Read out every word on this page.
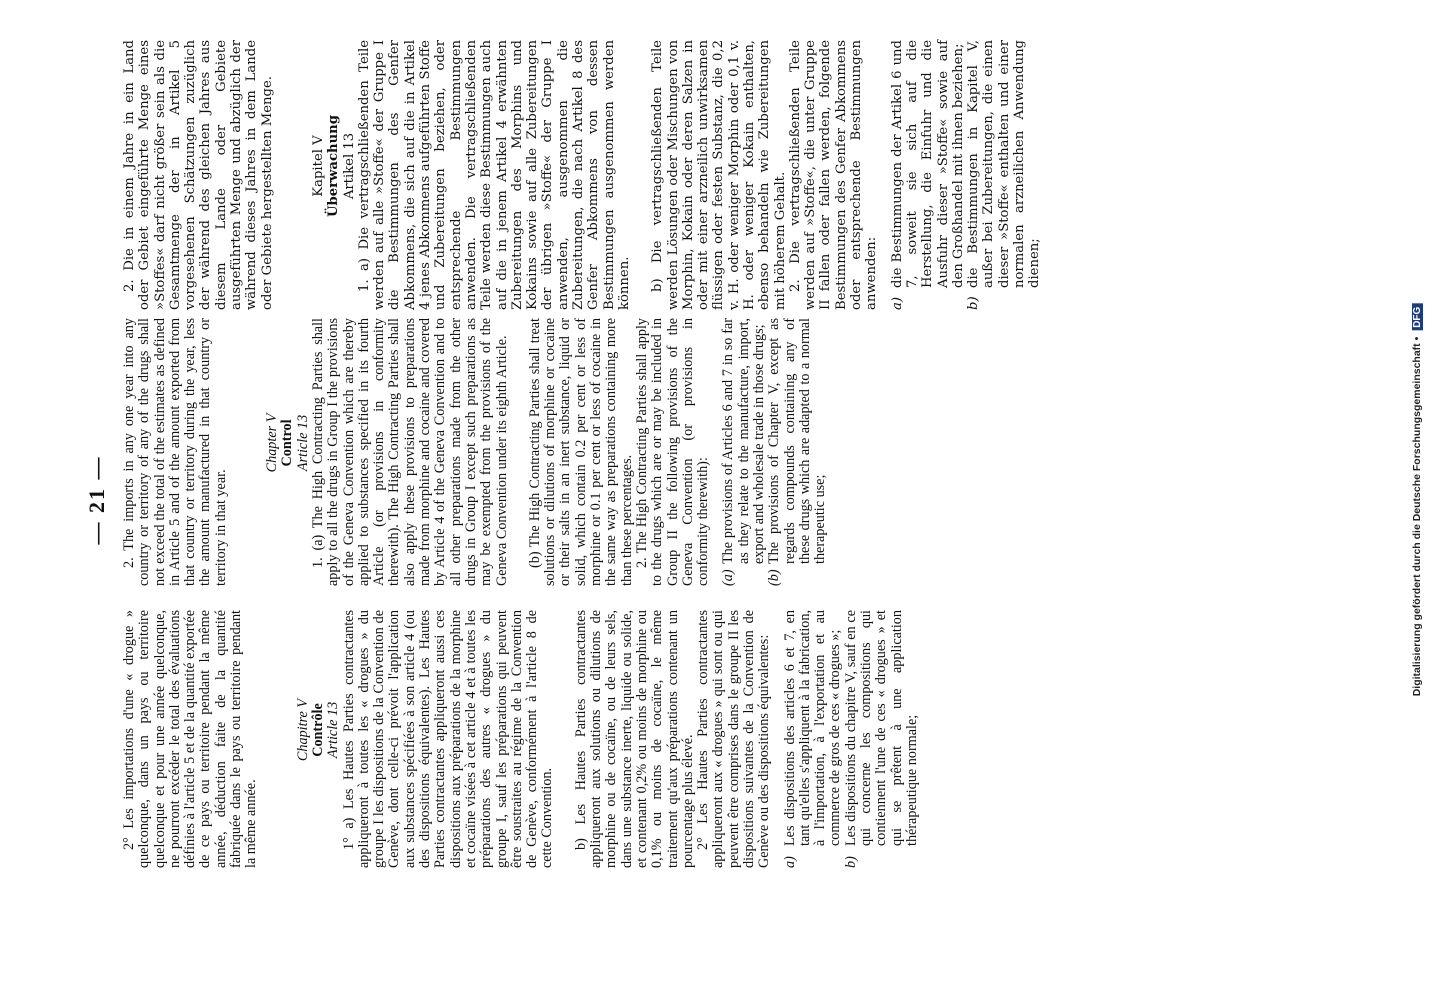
— 21 —

2° Les importations d'une « drogue » quelconque, dans un pays ou territoire quelconque et pour une année quelconque, ne pourront excéder le total des évaluations définies à l'article 5 et de la quantité exportée de ce pays ou territoire pendant la même année, déduction faite de la quantité fabriquée dans le pays ou territoire pendant la même année.

Chapitre V Contrôle Article 13 1° a) Les Hautes Parties contractantes appliqueront à toutes les « drogues » du groupe I les dispositions de la Convention de Genève, dont celle-ci prévoit l'application aux substances spécifiées à son article 4 (ou des dispositions équivalentes). Les Hautes Parties contractantes appliqueront aussi ces dispositions aux préparations de la morphine et cocaïne visées à cet article 4 et à toutes les préparations des autres « drogues » du groupe I, sauf les préparations qui peuvent être soustraites au régime de la Convention de Genève, conformément à l'article 8 de cette Convention. b) Les Hautes Parties contractantes appliqueront aux solutions ou dilutions de morphine ou de cocaïne, ou de leurs sels, dans une substance inerte, liquide ou solide, et contenant 0,2% ou moins de morphine ou 0,1% ou moins de cocaïne, le même traitement qu'aux préparations contenant un pourcentage plus élevé. 2° Les Hautes Parties contractantes appliqueront aux « drogues » qui sont ou qui peuvent être comprises dans le groupe II les dispositions suivantes de la Convention de Genève ou des dispositions équivalentes: a)
Les dispositions des articles 6 et 7, en tant qu'elles s'appliquent à la fabrication, à l'importation, à l'exportation et au commerce de gros de ces « drogues »;
b)
Les dispositions du chapitre V, sauf en ce qui concerne les compositions qui contiennent l'une de ces « drogues » et qui se prêtent à une application thérapeutique normale;

2. The imports in any one year into any country or territory of any of the drugs shall not exceed the total of the estimates as defined in Article 5 and of the amount exported from that country or territory during the year, less the amount manufactured in that country or territory in that year.

Chapter V Control Article 13 1. (a) The High Contracting Parties shall apply to all the drugs in Group I the provisions of the Geneva Convention which are thereby applied to substances specified in its fourth Article (or provisions in conformity therewith). The High Contracting Parties shall also apply these provisions to preparations made from morphine and cocaine and covered by Article 4 of the Geneva Convention and to all other preparations made from the other drugs in Group I except such preparations as may be exempted from the provisions of the Geneva Convention under its eighth Article. (b) The High Contracting Parties shall treat solutions or dilutions of morphine or cocaine or their salts in an inert substance, liquid or solid, which contain 0.2 per cent or less of morphine or 0.1 per cent or less of cocaine in the same way as preparations containing more than these percentages. 2. The High Contracting Parties shall apply to the drugs which are or may be included in Group II the following provisions of the Geneva Convention (or provisions in conformity therewith): (a)
The provisions of Articles 6 and 7 in so far as they relate to the manufacture, import, export and wholesale trade in those drugs;
(b)
The provisions of Chapter V, except as regards compounds containing any of these drugs which are adapted to a normal therapeutic use;

2. Die in einem Jahre in ein Land oder Gebiet eingeführte Menge eines »Stoffes« darf nicht größer sein als die Gesamtmenge der in Artikel 5 vorgesehenen Schätzungen zuzüglich der während des gleichen Jahres aus diesem Lande oder Gebiete ausgeführten Menge und abzüglich der während dieses Jahres in dem Lande oder Gebiete hergestellten Menge.	Kapitel V Überwachung Artikel 13 1. a) Die vertragschließenden Teile werden auf alle »Stoffe« der Gruppe I die Bestimmungen des Genfer Abkommens, die sich auf die in Artikel 4 jenes Abkommens aufgeführten Stoffe und Zubereitungen beziehen, oder entsprechende Bestimmungen anwenden. Die vertragschließenden Teile werden diese Bestimmungen auch auf die in jenem Artikel 4 erwähnten Zubereitungen des Morphins und Kokains sowie auf alle Zubereitungen der übrigen »Stoffe« der Gruppe I anwenden, ausgenommen die Zubereitungen, die nach Artikel 8 des Genfer Abkommens von dessen Bestimmungen ausgenommen werden können. b) Die vertragschließenden Teile werden Lösungen oder Mischungen von Morphin, Kokain oder deren Salzen in oder mit einer arzneilich unwirksamen flüssigen oder festen Substanz, die 0,2 v. H. oder weniger Morphin oder 0,1 v. H. oder weniger Kokain enthalten, ebenso behandeln wie Zubereitungen mit höherem Gehalt. 2. Die vertragschließenden Teile werden auf »Stoffe«, die unter Gruppe II fallen oder fallen werden, folgende Bestimmungen des Genfer Abkommens oder entsprechende Bestimmungen anwenden: a)
die Bestimmungen der Artikel 6 und 7, soweit sie sich auf die Herstellung, die Einfuhr und die Ausfuhr dieser »Stoffe« sowie auf den Großhandel mit ihnen beziehen;
b)
die Bestimmungen in Kapitel V, außer bei Zubereitungen, die einen dieser »Stoffe« enthalten und einer normalen arzneilichen Anwendung dienen;
Digitalisierung gefördert durch die Deutsche Forschungsgemeinschaft • DFG
